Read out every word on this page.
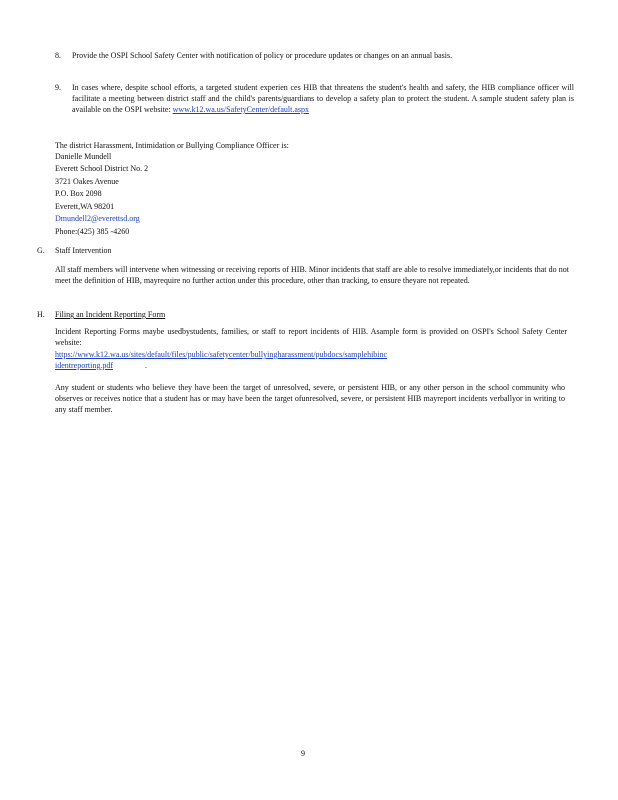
8. Provide the OSPI School Safety Center with notification of policy or procedure updates or changes on an annual basis.
9. In cases where, despite school efforts, a targeted student experien ces HIB that threatens the student's health and safety, the HIB compliance officer will facilitate a meeting between district staff and the child's parents/guardians to develop a safety plan to protect the student. A sample student safety plan is available on the OSPI website: www.k12.wa.us/SafetyCenter/default.aspx
The district Harassment, Intimidation or Bullying Compliance Officer is:
Danielle Mundell
Everett School District No. 2
3721 Oakes Avenue
P.O. Box 2098
Everett,WA 98201
Dmundell2@everettsd.org
Phone:(425) 385 -4260
G. Staff Intervention
All staff members will intervene when witnessing or receiving reports of HIB. Minor incidents that staff are able to resolve immediately,or incidents that do not meet the definition of HIB, mayrequire no further action under this procedure, other than tracking, to ensure theyare not repeated.
H. Filing an Incident Reporting Form
Incident Reporting Forms maybe usedbystudents, families, or staff to report incidents of HIB. Asample form is provided on OSPI's School Safety Center website:
https://www.k12.wa.us/sites/default/files/public/safetycenter/bullyingharassment/pubdocs/samplehibinc
identreporting.pdf	.
Any student or students who believe they have been the target of unresolved, severe, or persistent HIB, or any other person in the school community who observes or receives notice that a student has or may have been the target ofunresolved, severe, or persistent HIB mayreport incidents verballyor in writing to any staff member.
9
